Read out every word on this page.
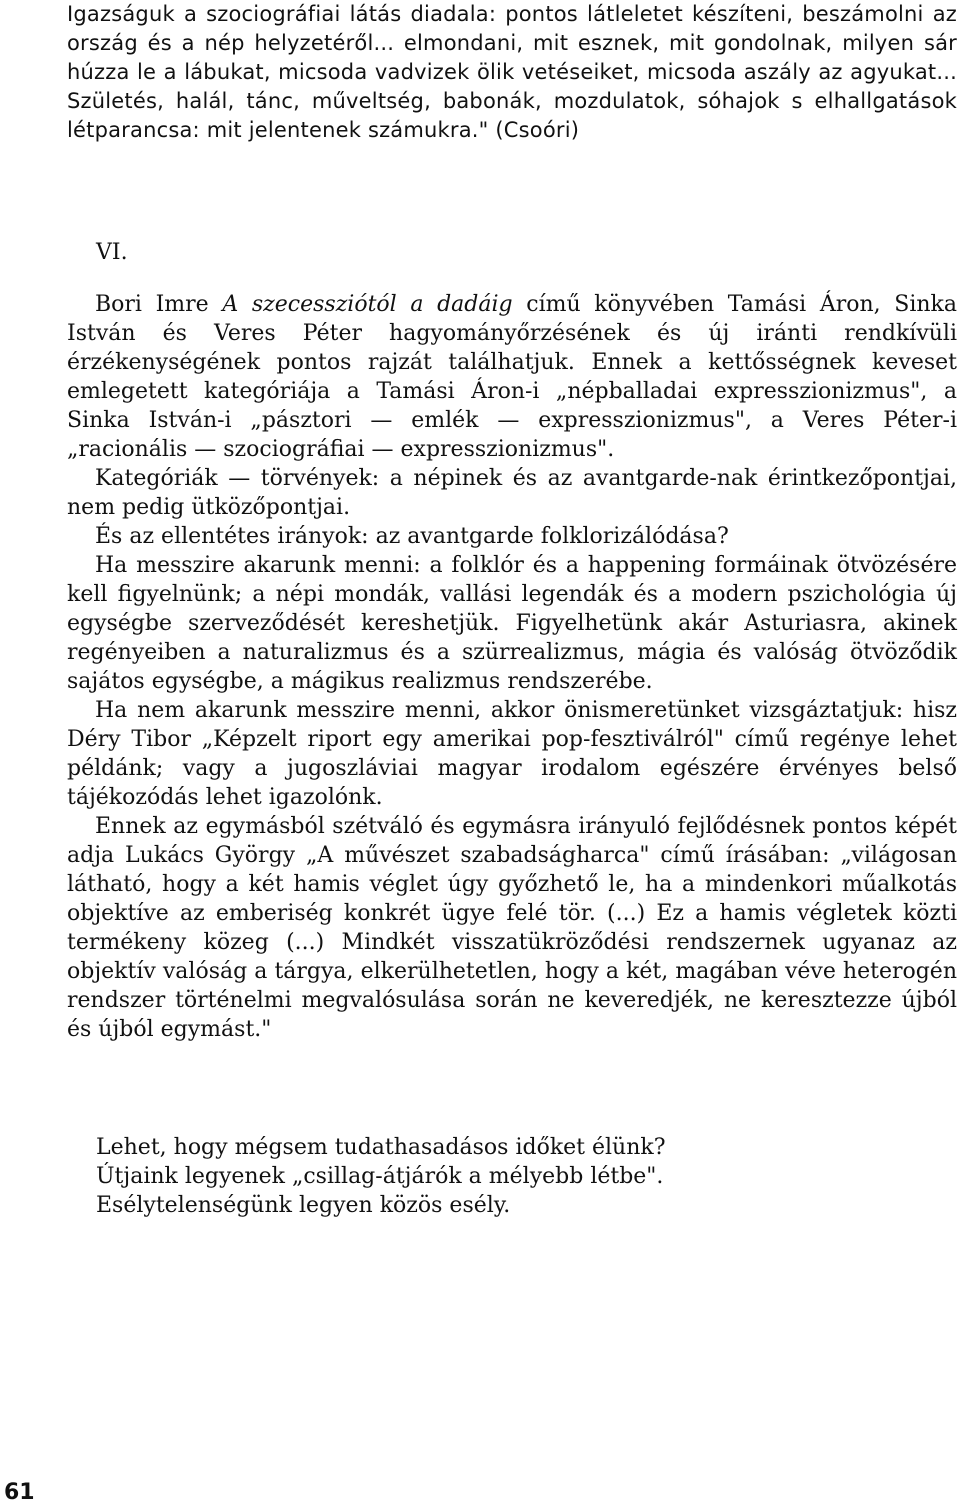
Igazságuk a szociográfiai látás diadala: pontos látleletet készíteni, beszámolni az ország és a nép helyzetéről... elmondani, mit esznek, mit gondolnak, milyen sár húzza le a lábukat, micsoda vadvizek ölik vetéseiket, micsoda aszály az agyukat... Születés, halál, tánc, műveltség, babonák, mozdulatok, sóhajok s elhallgatások létparancsa: mit jelentenek számukra." (Csoóri)

VI.

Bori Imre A szecessziótól a dadáig című könyvében Tamási Áron, Sinka István és Veres Péter hagyományőrzésének és új iránti rendkívüli érzékenységének pontos rajzát találhatjuk. Ennek a kettősségnek keveset emlegetett kategóriája a Tamási Áron-i „népballadai expresszionizmus", a Sinka István-i „pásztori — emlék — expresszionizmus", a Veres Péter-i „racionális — szociográfiai — expresszionizmus".

Kategóriák — törvények: a népinek és az avantgarde-nak érintkezőpontjai, nem pedig ütközőpontjai.

És az ellentétes irányok: az avantgarde folklorizálódása?

Ha messzire akarunk menni: a folklór és a happening formáinak ötvözésére kell figyelnünk; a népi mondák, vallási legendák és a modern pszichológia új egységbe szerveződését kereshetjük. Figyelhetünk akár Asturiasra, akinek regényeiben a naturalizmus és a szürrealizmus, mágia és valóság ötvöződik sajátos egységbe, a mágikus realizmus rendszerébe.

Ha nem akarunk messzire menni, akkor önismeretünket vizsgáztatjuk: hisz Déry Tibor „Képzelt riport egy amerikai pop-fesztiválról" című regénye lehet példánk; vagy a jugoszláviai magyar irodalom egészére érvényes belső tájékozódás lehet igazolónk.

Ennek az egymásból szétváló és egymásra irányuló fejlődésnek pontos képét adja Lukács György „A művészet szabadságharca" című írásában: „világosan látható, hogy a két hamis véglet úgy győzhető le, ha a mindenkori műalkotás objektíve az emberiség konkrét ügye felé tör. (...) Ez a hamis végletek közti termékeny közeg (...) Mindkét visszatükröződési rendszernek ugyanaz az objektív valóság a tárgya, elkerülhetetlen, hogy a két, magában véve heterogén rendszer történelmi megvalósulása során ne keveredjék, ne keresztezze újból és újból egymást."

Lehet, hogy mégsem tudathasadásos időket élünk?

Útjaink legyenek „csillag-átjárók a mélyebb létbe".

Esélytelenségünk legyen közös esély.

61
